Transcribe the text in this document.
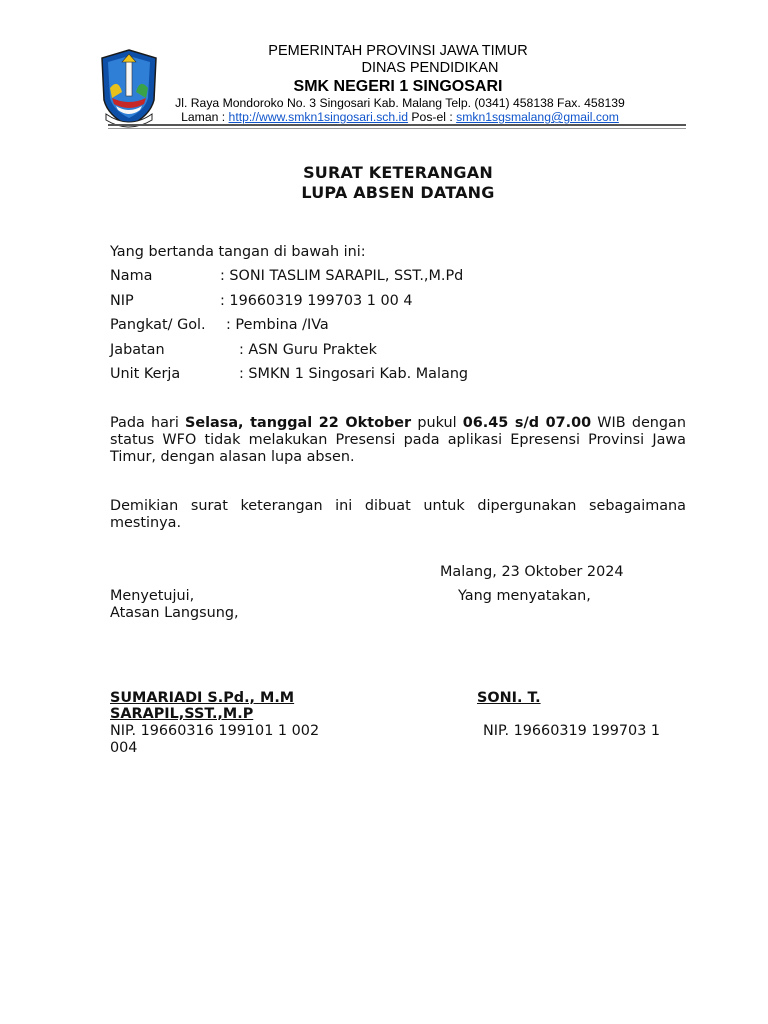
PEMERINTAH PROVINSI JAWA TIMUR
DINAS PENDIDIKAN
SMK NEGERI 1 SINGOSARI
Jl. Raya Mondoroko No. 3 Singosari Kab. Malang Telp. (0341) 458138 Fax. 458139
Laman : http://www.smkn1singosari.sch.id Pos-el : smkn1sgsmalang@gmail.com
SURAT KETERANGAN
LUPA ABSEN DATANG
Yang bertanda tangan di bawah ini:
Nama	: SONI TASLIM SARAPIL, SST.,M.Pd
NIP	: 19660319 199703 1 00 4
Pangkat/ Gol. : Pembina /IVa
Jabatan	: ASN Guru Praktek
Unit Kerja	: SMKN 1 Singosari Kab. Malang
Pada hari Selasa, tanggal 22 Oktober pukul 06.45 s/d 07.00 WIB dengan status WFO tidak melakukan Presensi pada aplikasi Epresensi Provinsi Jawa Timur, dengan alasan lupa absen.
Demikian surat keterangan ini dibuat untuk dipergunakan sebagaimana mestinya.
Malang, 23 Oktober 2024
Menyetujui,	Yang menyatakan,
Atasan Langsung,
SUMARIADI S.Pd., M.M	SONI. T.
SARAPIL,SST.,M.P
NIP. 19660316 199101 1 002	NIP. 19660319 199703 1
004
